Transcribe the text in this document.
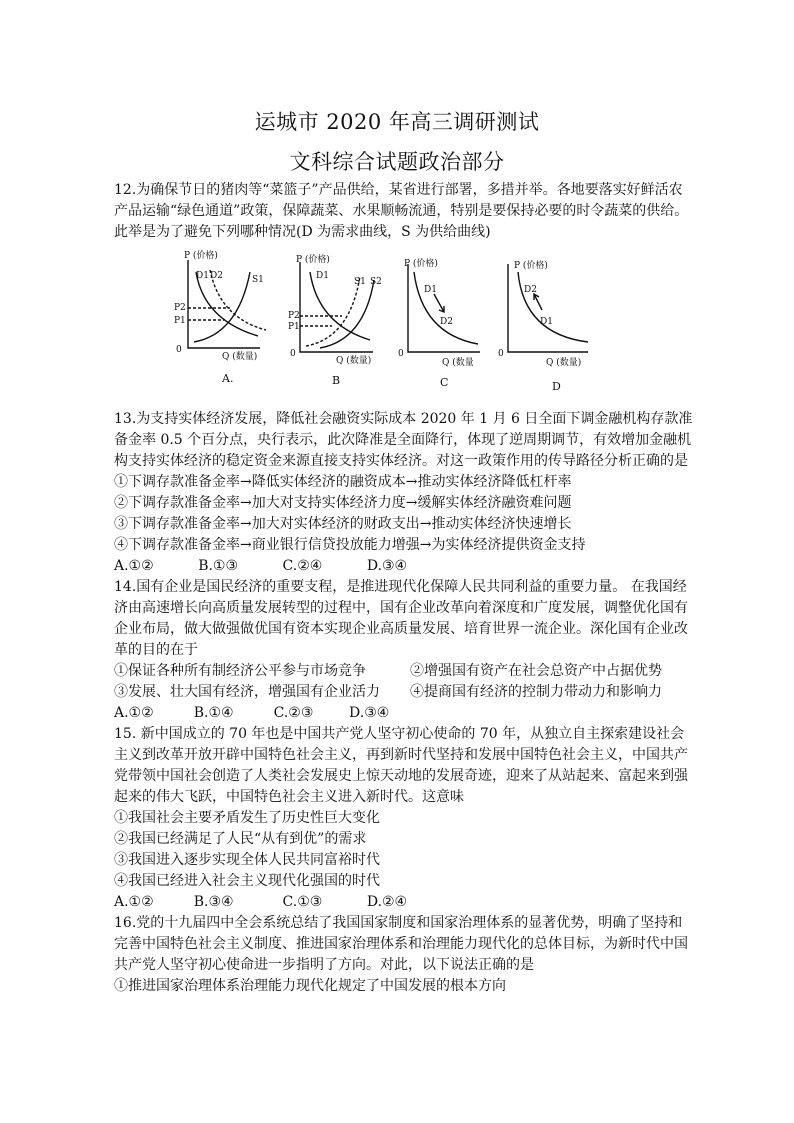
运城市 2020 年高三调研测试
文科综合试题政治部分

12.为确保节日的猪肉等“菜篮子”产品供给，某省进行部署，多措并举。各地要落实好鲜活农产品运输“绿色通道”政策，保障蔬菜、水果顺畅流通，特别是要保持必要的时令蔬菜的供给。此举是为了避免下列哪种情况(D 为需求曲线，S 为供给曲线)

P (价格)
Q (数量)
0
D1 D2	S1
P2
P1
A.
P (价格)
Q (数量)
0
D1
S1 S2
P2
P1
B
P (价格)
Q (数量
0
D1
D2
C
P (价格)
Q (数量)
0
D2
D1
D

13.为支持实体经济发展，降低社会融资实际成本 2020 年 1 月 6 日全面下调金融机构存款准备金率 0.5 个百分点，央行表示，此次降准是全面降行，体现了逆周期调节，有效增加金融机构支持实体经济的稳定资金来源直接支持实体经济。对这一政策作用的传导路径分析正确的是

①下调存款准备金率→降低实体经济的融资成本→推动实体经济降低杠杆率

②下调存款准备金率→加大对支持实体经济力度→缓解实体经济融资难问题

③下调存款准备金率→加大对实体经济的财政支出→推动实体经济快速增长

④下调存款准备金率→商业银行信贷投放能力增强→为实体经济提供资金支持

A.①②	B.①③	C.②④	D.③④

14.国有企业是国民经济的重要支程，是推进现代化保障人民共同利益的重要力量。 在我国经济由高速增长向高质量发展转型的过程中，国有企业改革向着深度和广度发展，调整优化国有企业布局，做大做强做优国有资本实现企业高质量发展、培育世界一流企业。深化国有企业改革的目的在于

①保证各种所有制经济公平参与市场竞争	②增强国有资产在社会总资产中占据优势

③发展、壮大国有经济，增强国有企业活力	④提商国有经济的控制力带动力和影响力

A.①②	B.①④	C.②③	D.③④

15. 新中国成立的 70 年也是中国共产党人坚守初心使命的 70 年，从独立自主探索建设社会主义到改革开放开辟中国特色社会主义，再到新时代坚持和发展中国特色社会主义，中国共产党带领中国社会创造了人类社会发展史上惊天动地的发展奇迹，迎来了从站起来、富起来到强起来的伟大飞跃，中国特色社会主义进入新时代。这意味

①我国社会主要矛盾发生了历史性巨大变化

②我国已经满足了人民“从有到优”的需求

③我国进入逐步实现全体人民共同富裕时代

④我国已经进入社会主义现代化强国的时代

A.①②	B.③④	C.①③	D.②④

16.党的十九届四中全会系统总结了我国国家制度和国家治理体系的显著优势，明确了坚持和完善中国特色社会主义制度、推进国家治理体系和治理能力现代化的总体目标，为新时代中国共产党人坚守初心使命进一步指明了方向。对此，以下说法正确的是

①推进国家治理体系治理能力现代化规定了中国发展的根本方向
